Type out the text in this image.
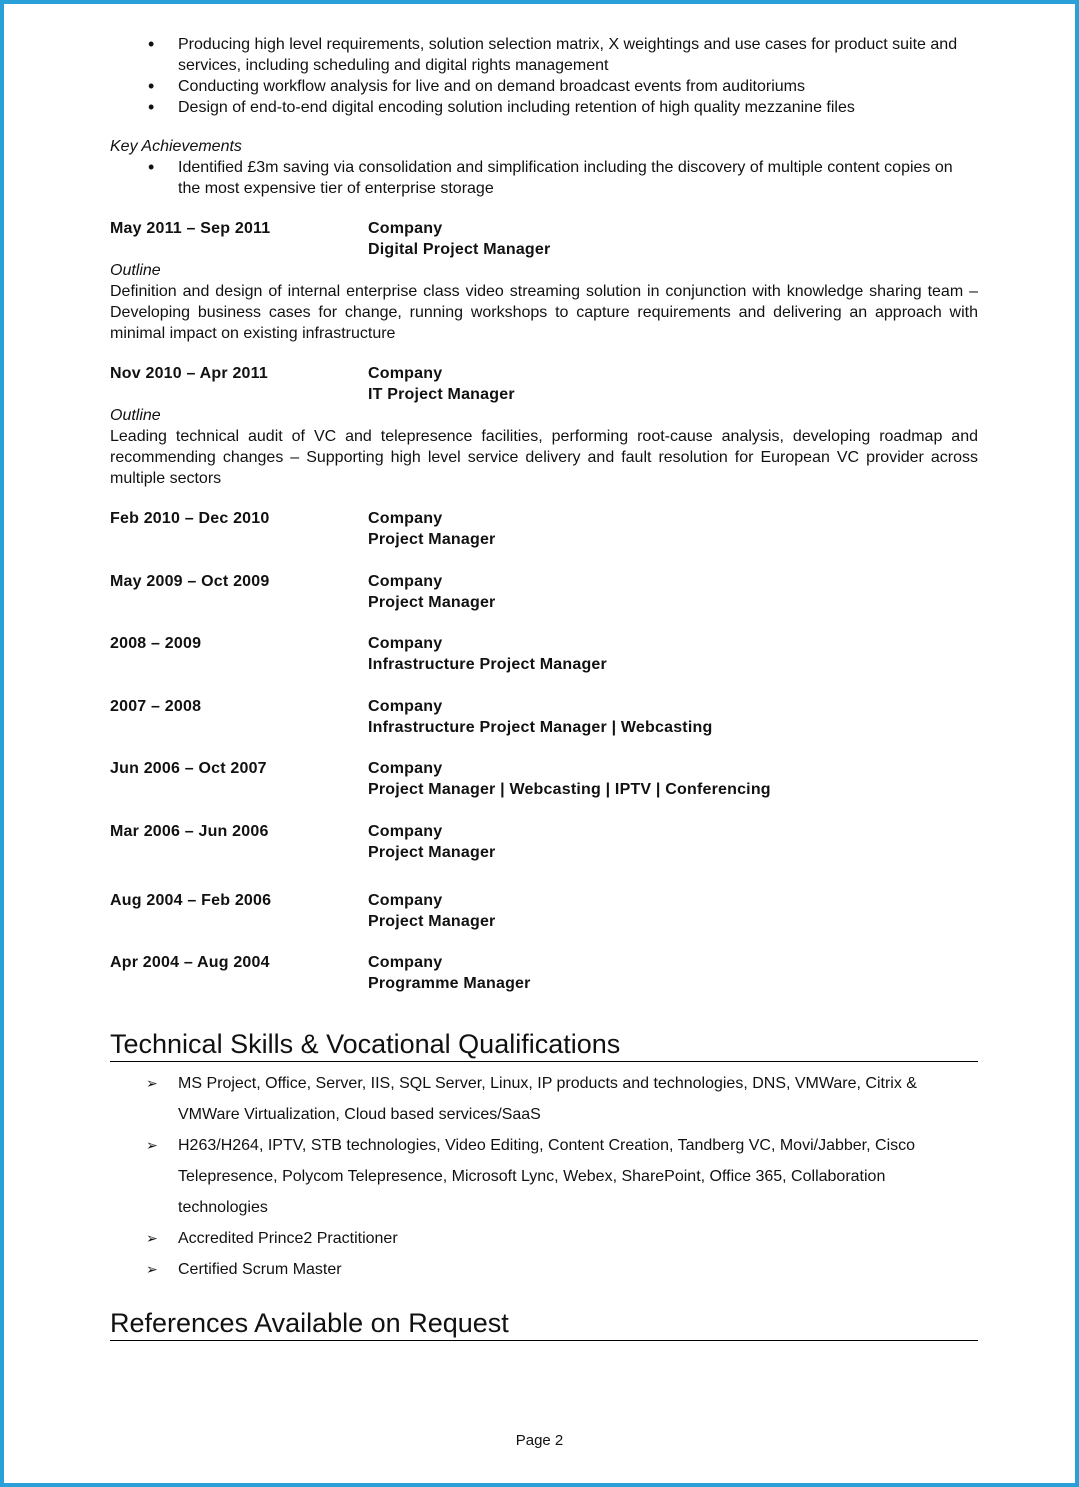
• Producing high level requirements, solution selection matrix, X weightings and use cases for product suite and services, including scheduling and digital rights management
• Conducting workflow analysis for live and on demand broadcast events from auditoriums
• Design of end-to-end digital encoding solution including retention of high quality mezzanine files
Key Achievements
• Identified £3m saving via consolidation and simplification including the discovery of multiple content copies on the most expensive tier of enterprise storage
May 2011 – Sep 2011	Company
Digital Project Manager
Outline
Definition and design of internal enterprise class video streaming solution in conjunction with knowledge sharing team – Developing business cases for change, running workshops to capture requirements and delivering an approach with minimal impact on existing infrastructure
Nov 2010 – Apr 2011	Company
IT Project Manager
Outline
Leading technical audit of VC and telepresence facilities, performing root-cause analysis, developing roadmap and recommending changes – Supporting high level service delivery and fault resolution for European VC provider across multiple sectors
Feb 2010 – Dec 2010	Company
Project Manager
May 2009 – Oct 2009	Company
Project Manager
2008 – 2009	Company
Infrastructure Project Manager
2007 – 2008	Company
Infrastructure Project Manager | Webcasting
Jun 2006 – Oct 2007	Company
Project Manager | Webcasting | IPTV | Conferencing
Mar 2006 – Jun 2006	Company
Project Manager
Aug 2004 – Feb 2006	Company
Project Manager
Apr 2004 – Aug 2004	Company
Programme Manager
Technical Skills & Vocational Qualifications
➢ MS Project, Office, Server, IIS, SQL Server, Linux, IP products and technologies, DNS, VMWare, Citrix & VMWare Virtualization, Cloud based services/SaaS
➢ H263/H264, IPTV, STB technologies, Video Editing, Content Creation, Tandberg VC, Movi/Jabber, Cisco Telepresence, Polycom Telepresence, Microsoft Lync, Webex, SharePoint, Office 365, Collaboration technologies
➢ Accredited Prince2 Practitioner
➢ Certified Scrum Master
References Available on Request
Page 2
